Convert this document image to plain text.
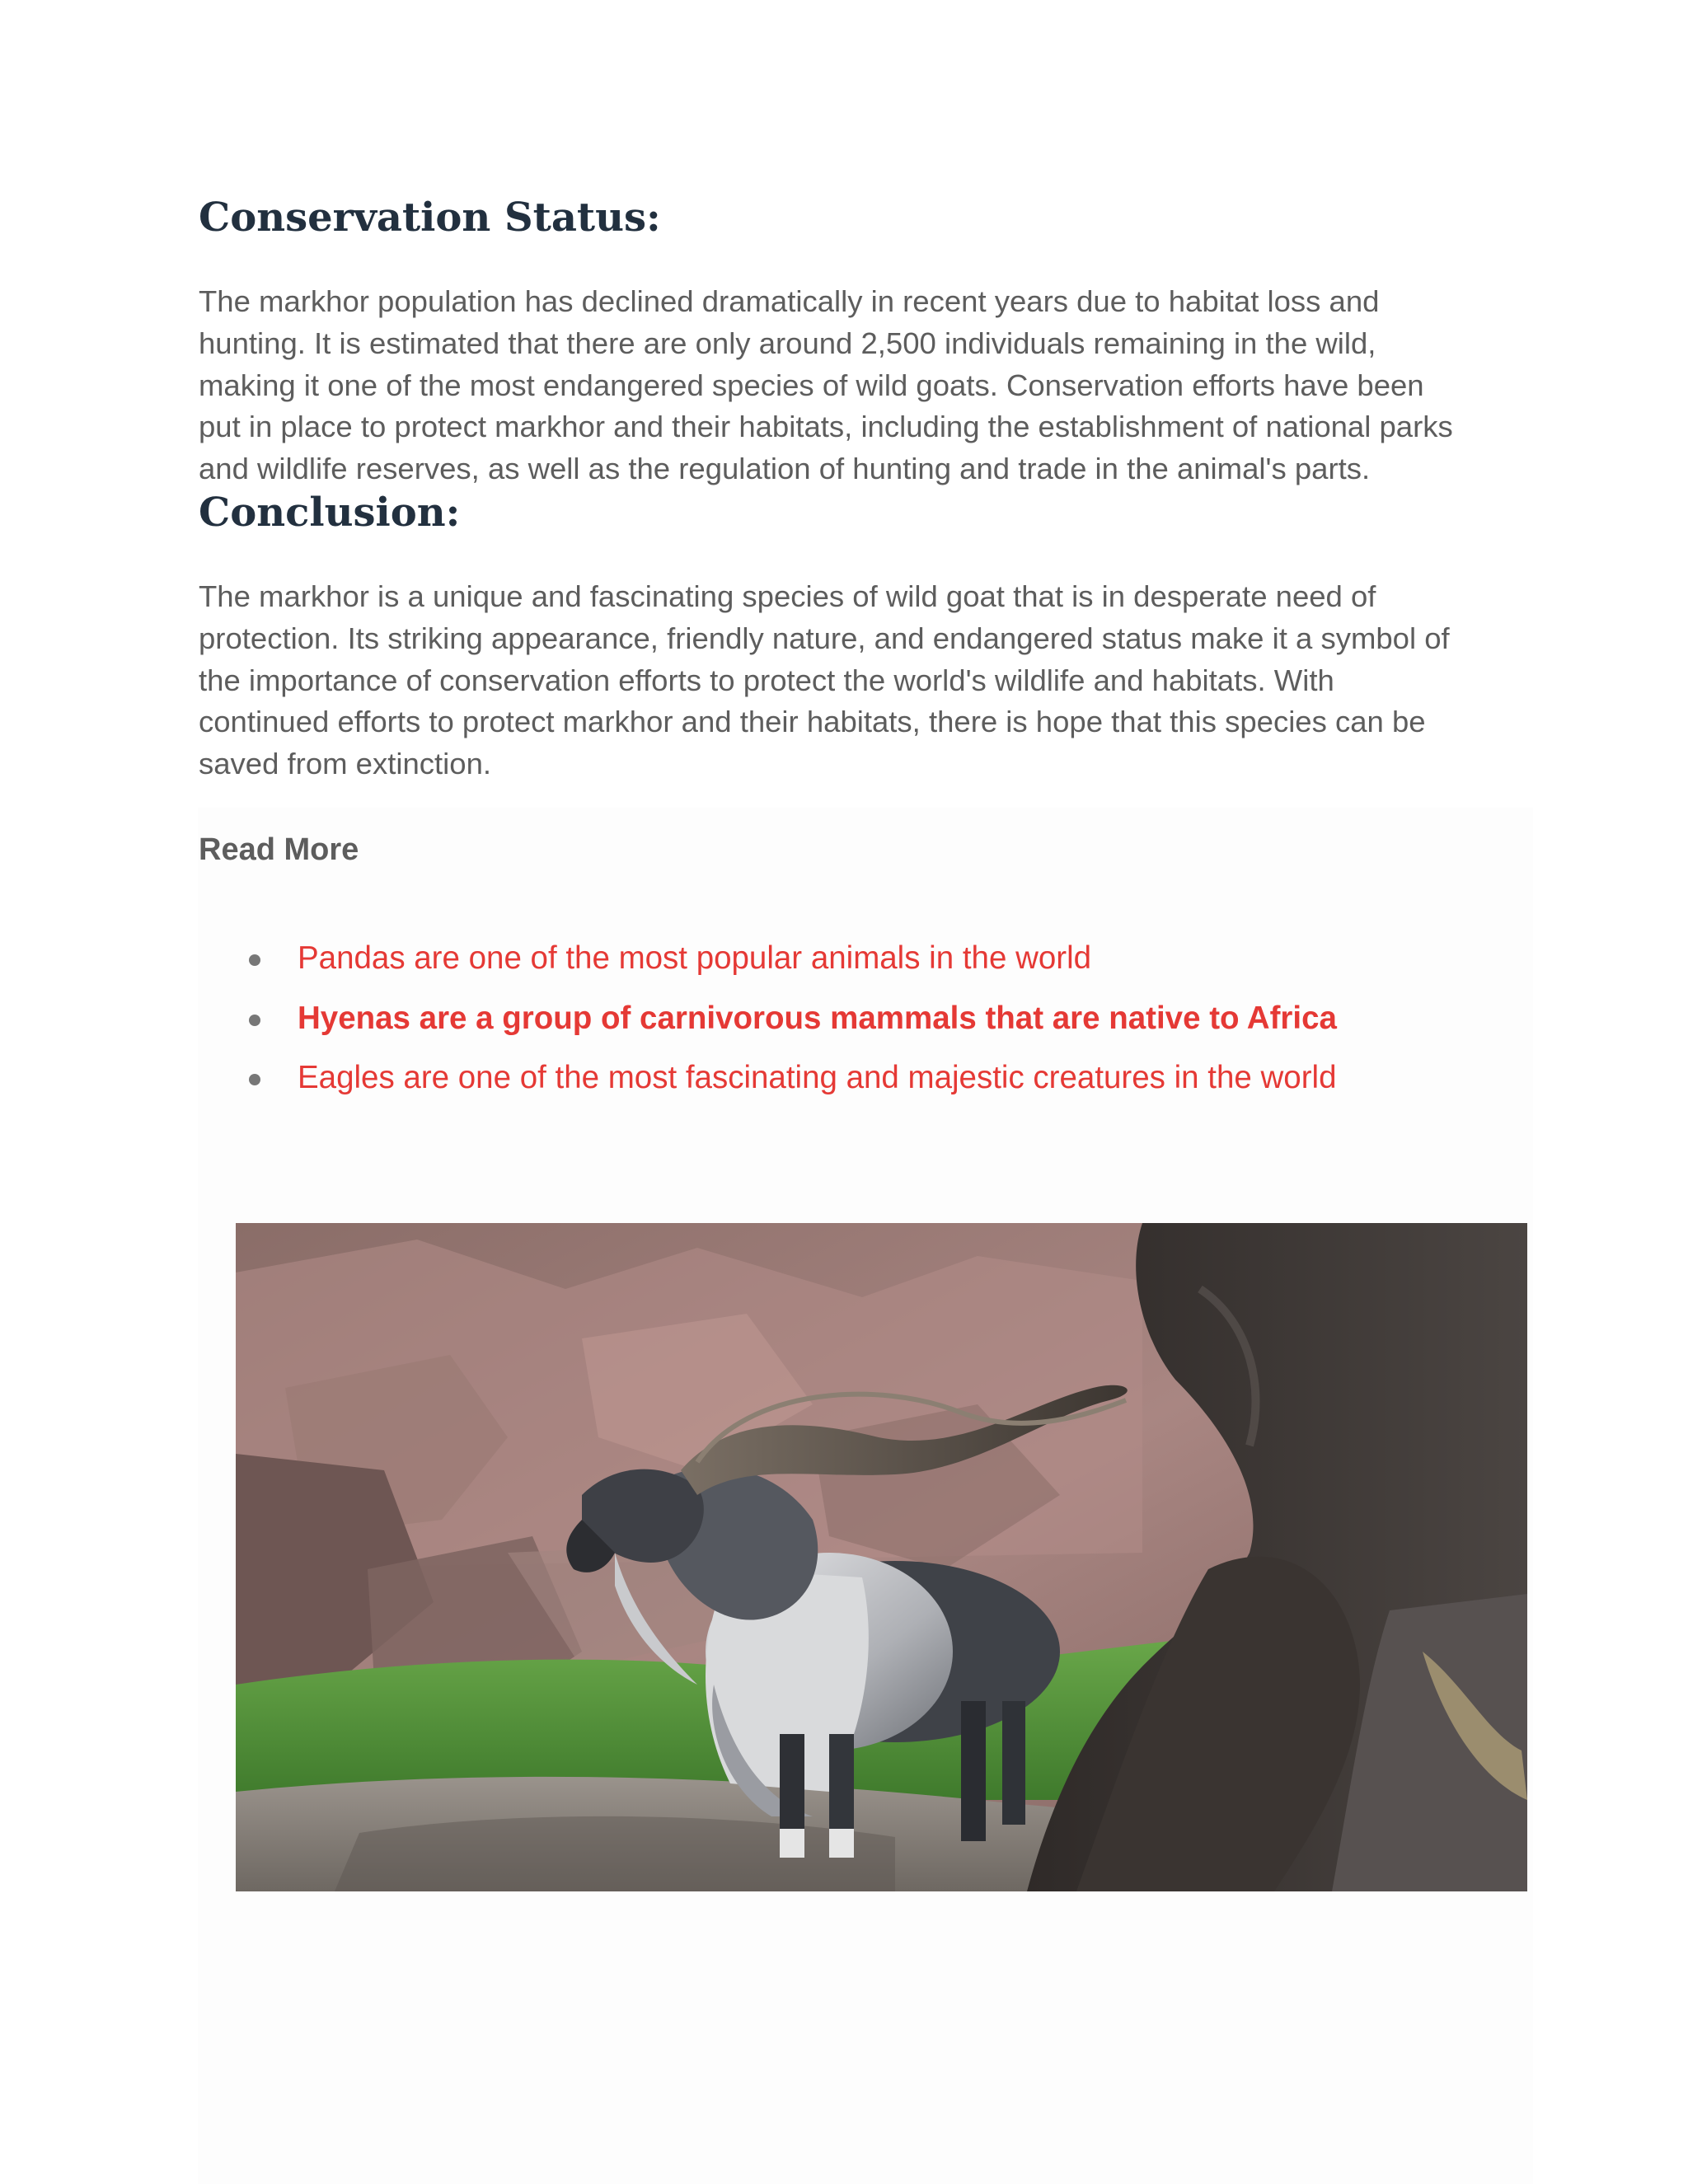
Conservation Status:

The markhor population has declined dramatically in recent years due to habitat loss and
hunting. It is estimated that there are only around 2,500 individuals remaining in the wild,
making it one of the most endangered species of wild goats. Conservation efforts have been
put in place to protect markhor and their habitats, including the establishment of national parks
and wildlife reserves, as well as the regulation of hunting and trade in the animal's parts.

Conclusion:

The markhor is a unique and fascinating species of wild goat that is in desperate need of
protection. Its striking appearance, friendly nature, and endangered status make it a symbol of
the importance of conservation efforts to protect the world's wildlife and habitats. With
continued efforts to protect markhor and their habitats, there is hope that this species can be
saved from extinction.

Read More

Pandas are one of the most popular animals in the world
Hyenas are a group of carnivorous mammals that are native to Africa
Eagles are one of the most fascinating and majestic creatures in the world
